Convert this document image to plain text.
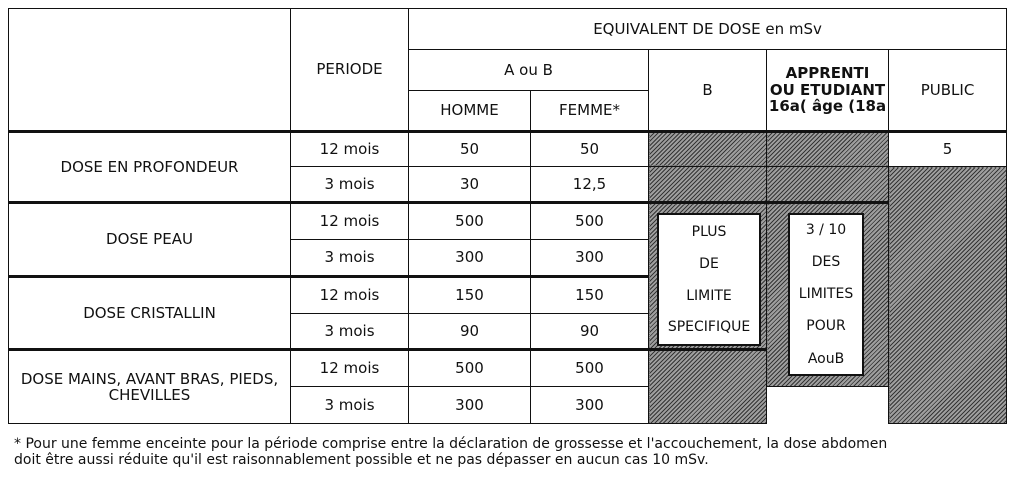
	PERIODE	EQUIVALENT DE DOSE en mSv				
		A ou B		B	APPRENTI
OU ETUDIANT
16a( âge (18a	PUBLIC
		HOMME	FEMME*			
DOSE EN PROFONDEUR	12 mois	50	50			5
	3 mois	30	12,5			
DOSE PEAU	12 mois	500	500			
	3 mois	300	300			
DOSE CRISTALLIN	12 mois	150	150			
	3 mois	90	90			
DOSE MAINS, AVANT BRAS, PIEDS, CHEVILLES	12 mois	500	500			
	3 mois	300	300			
PLUS
DE
LIMITE
SPECIFIQUE
3 / 10
DES
LIMITES
POUR
AouB
* Pour une femme enceinte pour la période comprise entre la déclaration de grossesse et l'accouchement, la dose abdomen
doit être aussi réduite qu'il est raisonnablement possible et ne pas dépasser en aucun cas 10 mSv.
